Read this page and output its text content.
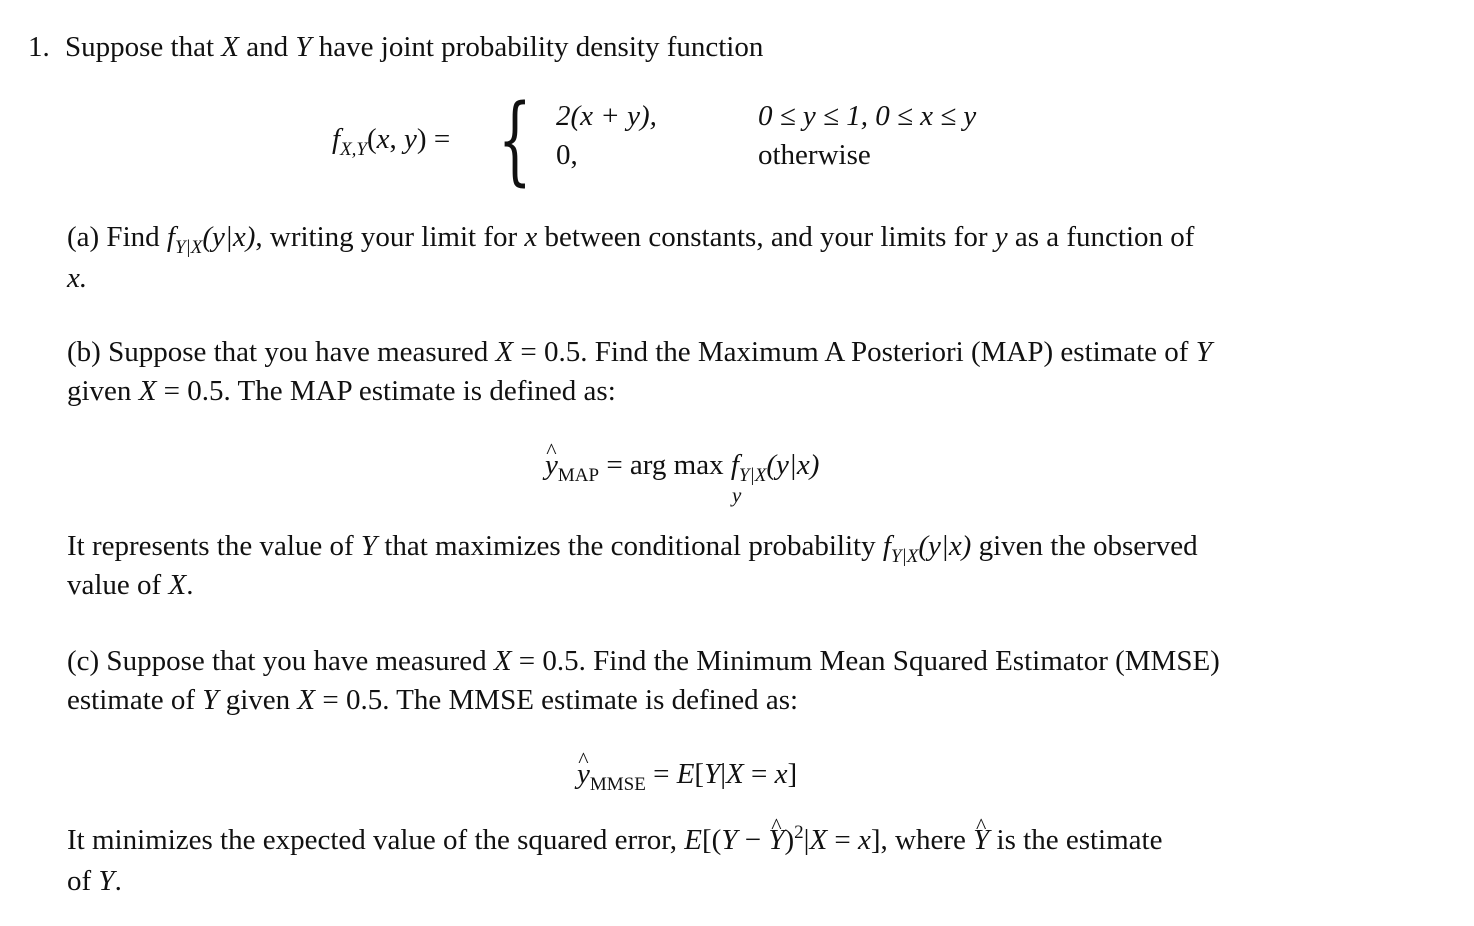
1. Suppose that X and Y have joint probability density function
$f_{X,Y}(x$, y) = { 2(x + y),	0 ≤ y ≤ 1, 0 ≤ x ≤ y
0,	otherwise
(a) Find $f_{Y|X}(y|x)$, writing your limit for x between constants, and your limits for y as a function of
x.
(b) Suppose that you have measured X = 0.5. Find the Maximum A Posteriori (MAP) estimate of Y
given X = 0.5. The MAP estimate is defined as:
^ $y_{MAP}$ = arg $\max f_{Y|X}(y|x)$
y
It represents the value of Y that maximizes the conditional probability $f_{Y|X}(y|x)$ given the observed
value of X.
(c) Suppose that you have measured X = 0.5. Find the Minimum Mean Squared Estimator (MMSE)
estimate of Y given X = 0.5. The MMSE estimate is defined as:
^ $y_{MMSE} = E[Y|X = x]$
It minimizes the expected value of the squared error, E[(Y − ^ Y)$^2$|X = x], where ^ Y is the estimate
of Y.
